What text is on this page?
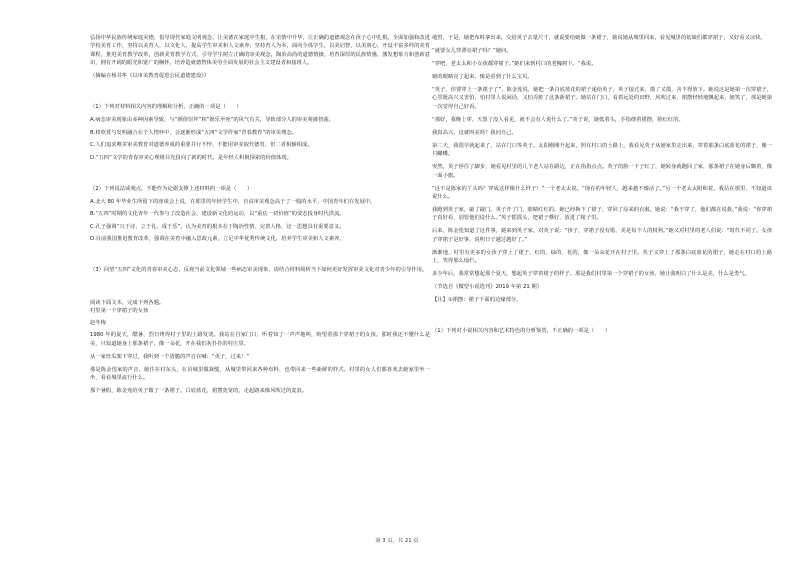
弘扬中华民族传统家庭美德，倡导现代家庭文明观念，让美德在家庭中生根，在亲情中升华，让正确的道德观念在孩子心中扎根。全面加强和改进学校美育工作，坚持以美育人，以文化人，提高学生审美和人文素养；坚持育人为本，面向全体学生，以美启智，以美润心，开设丰富多样的美育课程，推进美育教学改革，创新美育教学方式，引导学生树立正确的审美观念，陶冶高尚的道德情操，培育深厚的民族情感，激发想象力和创新意识，拥有开阔的眼光和宽广的胸怀，培养造就德智体美劳全面发展的社会主义建设者和接班人。

（摘编自杨书华《以审美教育促进公民道德建设》）

（1）下列对材料相关内容的理解和分析，正确的一项是（　　）

A.病态审美现象由多种因素导致，与“颜值崇拜”和“娱乐至死”的风气有关，导致部分人的审美观被扭曲。

B.将欣赏与发明融合在个人情怀中，会逐渐形成“五四”文学作家“青春教育”的审美理念。

C.人们追求唯美审美教育对道德养成的重要并行不悖，不能用审美取代德育，但二者相辅相成。

D.“五四”文学的青春审美心理将目光投向了新的时代，是年轻人积极探索的价值体现。

（2）下列说法或观点，不能作为论据支撑上述材料的一项是（　　）

A.北大 80 年毕业生所留下的座谈会上说，在那里的年轻学生中，自由审美观念高于了一般的水平，中国青年们在发展中。

B.“五四”时期的文化青年一代参与了改造社会、建设新文化的运动，以“重估一切价值”的姿态投身时代洪流。

C.孔子强调“兴于诗、立于礼、成于乐”，认为美育的根本在于陶冶性情、完善人格，这一思想具有重要意义。

D.目前我国推进教育改革，强调在美育中融入思政元素，立足中华优秀传统文化，培养学生审美和人文素养。

（3）回望“五四”文化的青春审美心态，反观当前文化领域一些病态审美现象，请结合材料简析当下如何更好发挥审美文化对青少年的引导作用。

阅读下面文本，完成下列各题。

村里第一个穿裙子的女孩

赵冬梅

1980 年的夏天，酷暑，烈日烤得村子里的土路发烫。我站在自家门口，听着知了一声声地叫，盼望着那个穿裙子的女孩。那时我还不懂什么是美，只知道她身上那条裙子，像一朵花，开在我们灰扑扑的村庄里。

从一家丝瓜架下穿过，我听到一个清脆的声音在喊：“英子，过来！”

那是陈金莲家的声音。她住在村东头，在县城里做裁缝，从城里带回来各种布料，也带回来一些新鲜的样式。村里的女人们都喜欢去她家里坐一坐，看看城里流行什么。

那个暑假，陈金莲给英子做了一条裙子。白底蓝花，裙摆宽宽的，走起路来像风吹过的麦浪。

地窖，于是，她把布料拿出来，交给英子去量尺寸，就说要给她做一条裙子，她说她从城里回来，看见城里的姑娘们都穿裙子，又好看又凉快。

“就要女儿穿漂亮裙子吗？”她问。

“穿吧，老太太和小女孩都穿裙子。”她们来到村口的老槐树下。“我说。

她的眼睛亮了起来，像是看到了什么宝贝。

“英子，你要穿上一条裙子了”，陈金莲说，她把一条白底蓝花的裙子递给英子，英子接过来，摸了又摸，舍不得放下。她说这是她第一次穿裙子，心里既高兴又害怕，怕村里人说闲话，又怕弄脏了这条新裙子。她站在门口，看着远处的田野，风吹过来，裙摆轻轻地飘起来，她笑了，那是她第一次觉得自己好看。

“那好，我晚上穿，天黑了没人看见，就不会有人说什么了。”英子说，她低着头，手指绕着裙摆，脸红红的。

我真高兴，这就叫美吗？我问自己。

第二天，我很早就起来了，站在门口等英子。太阳刚刚升起来，照在村口的土路上，我看见英子从她家里走出来，穿着那条白底蓝花的裙子，像一只蝴蝶。

突然，英子停住了脚步，她看见村里的几个老人站在路边，正在指指点点。英子的脸一下子红了，她转身就跑回了家，那条裙子在她身后飘着，像一面小旗。

“这不是陈家的丫头吗？穿成这样像什么样子！”一个老太太说。“现在的年轻人，越来越不像话了。”另一个老太太附和着。我站在那里，不知道该说什么。

我跑到英子家，敲了敲门。英子开了门，眼睛红红的，她已经换下了裙子，穿回了原来的衣服。她说：“我不穿了，他们都在说我。”我说：“你穿裙子真好看，别管他们说什么。”英子摇摇头，把裙子叠好，放进了箱子里。

后来，陈金莲知道了这件事，她来到英子家，对英子说：“孩子，穿裙子没有错，美是每个人的权利。”她又对村里的老人们说：“时代不同了，女孩子穿裙子是好事，说明日子越过越好了。”

渐渐地，村里有更多的女孩子穿上了裙子，红的、绿的、花的，像一朵朵花开在村子里。英子又穿上了那条白底蓝花的裙子，她走在村口的土路上，笑得那么灿烂。

多少年后，我常常想起那个夏天，想起英子穿着裙子的样子。那是我们村里第一个穿裙子的女孩，她让我明白了什么是美，什么是勇气。

（节选自《微型小说选刊》2019 年第 21 期）

【注】①裙摆：裙子下面的边缘部分。

（1）下列对小说相关内容和艺术特色的分析鉴赏，不正确的一项是（　　）

第 3 页，共 21 页
